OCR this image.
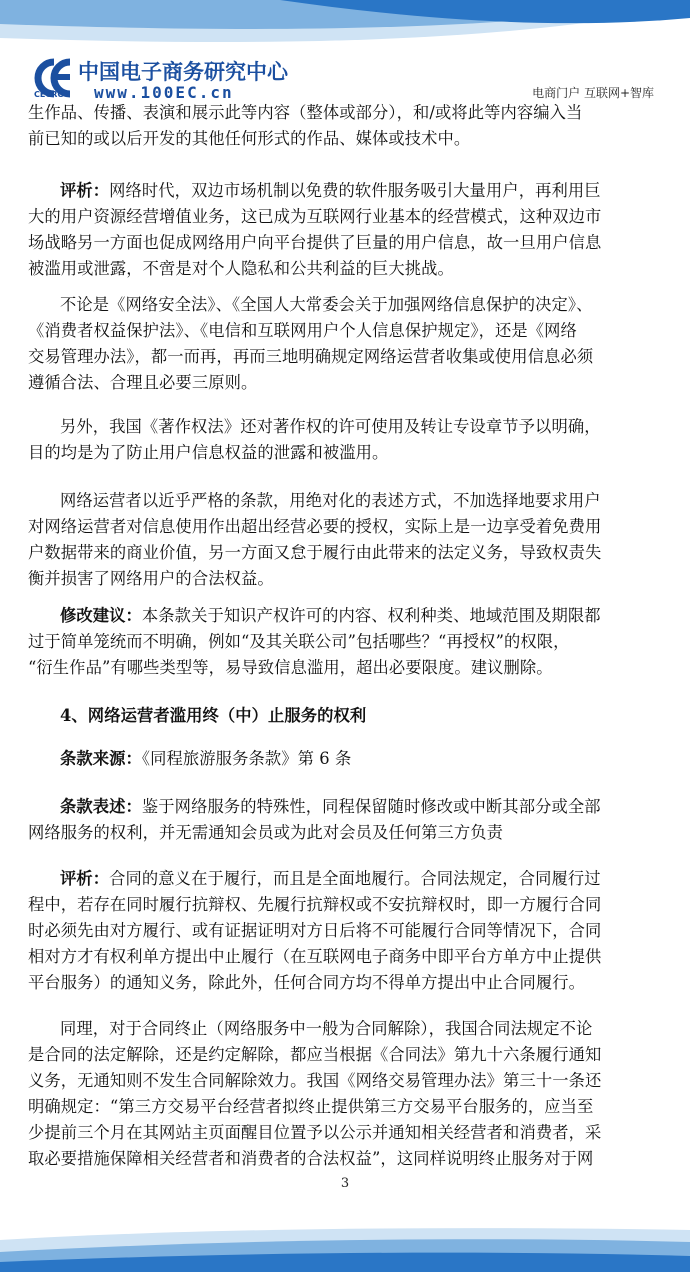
中国电子商务研究中心
www.100EC.cn
CECRC	电商门户 互联网+智库
生作品、传播、表演和展示此等内容（整体或部分），和/或将此等内容编入当
前已知的或以后开发的其他任何形式的作品、媒体或技术中。
评析：网络时代，双边市场机制以免费的软件服务吸引大量用户，再利用巨
大的用户资源经营增值业务，这已成为互联网行业基本的经营模式，这种双边市
场战略另一方面也促成网络用户向平台提供了巨量的用户信息，故一旦用户信息
被滥用或泄露，不啻是对个人隐私和公共利益的巨大挑战。
不论是《网络安全法》、《全国人大常委会关于加强网络信息保护的决定》、
《消费者权益保护法》、《电信和互联网用户个人信息保护规定》，还是《网络
交易管理办法》，都一而再，再而三地明确规定网络运营者收集或使用信息必须
遵循合法、合理且必要三原则。
另外，我国《著作权法》还对著作权的许可使用及转让专设章节予以明确，
目的均是为了防止用户信息权益的泄露和被滥用。
网络运营者以近乎严格的条款，用绝对化的表述方式，不加选择地要求用户
对网络运营者对信息使用作出超出经营必要的授权，实际上是一边享受着免费用
户数据带来的商业价值，另一方面又怠于履行由此带来的法定义务，导致权责失
衡并损害了网络用户的合法权益。
修改建议：本条款关于知识产权许可的内容、权利种类、地域范围及期限都
过于简单笼统而不明确，例如“及其关联公司”包括哪些？“再授权”的权限，
“衍生作品”有哪些类型等，易导致信息滥用，超出必要限度。建议删除。
4、网络运营者滥用终（中）止服务的权利
条款来源：《同程旅游服务条款》第 6 条
条款表述：鉴于网络服务的特殊性，同程保留随时修改或中断其部分或全部
网络服务的权利，并无需通知会员或为此对会员及任何第三方负责
评析：合同的意义在于履行，而且是全面地履行。合同法规定，合同履行过
程中，若存在同时履行抗辩权、先履行抗辩权或不安抗辩权时，即一方履行合同
时必须先由对方履行、或有证据证明对方日后将不可能履行合同等情况下，合同
相对方才有权利单方提出中止履行（在互联网电子商务中即平台方单方中止提供
平台服务）的通知义务，除此外，任何合同方均不得单方提出中止合同履行。
同理，对于合同终止（网络服务中一般为合同解除），我国合同法规定不论
是合同的法定解除，还是约定解除，都应当根据《合同法》第九十六条履行通知
义务，无通知则不发生合同解除效力。我国《网络交易管理办法》第三十一条还
明确规定：“第三方交易平台经营者拟终止提供第三方交易平台服务的，应当至
少提前三个月在其网站主页面醒目位置予以公示并通知相关经营者和消费者，采
取必要措施保障相关经营者和消费者的合法权益”，这同样说明终止服务对于网
3
